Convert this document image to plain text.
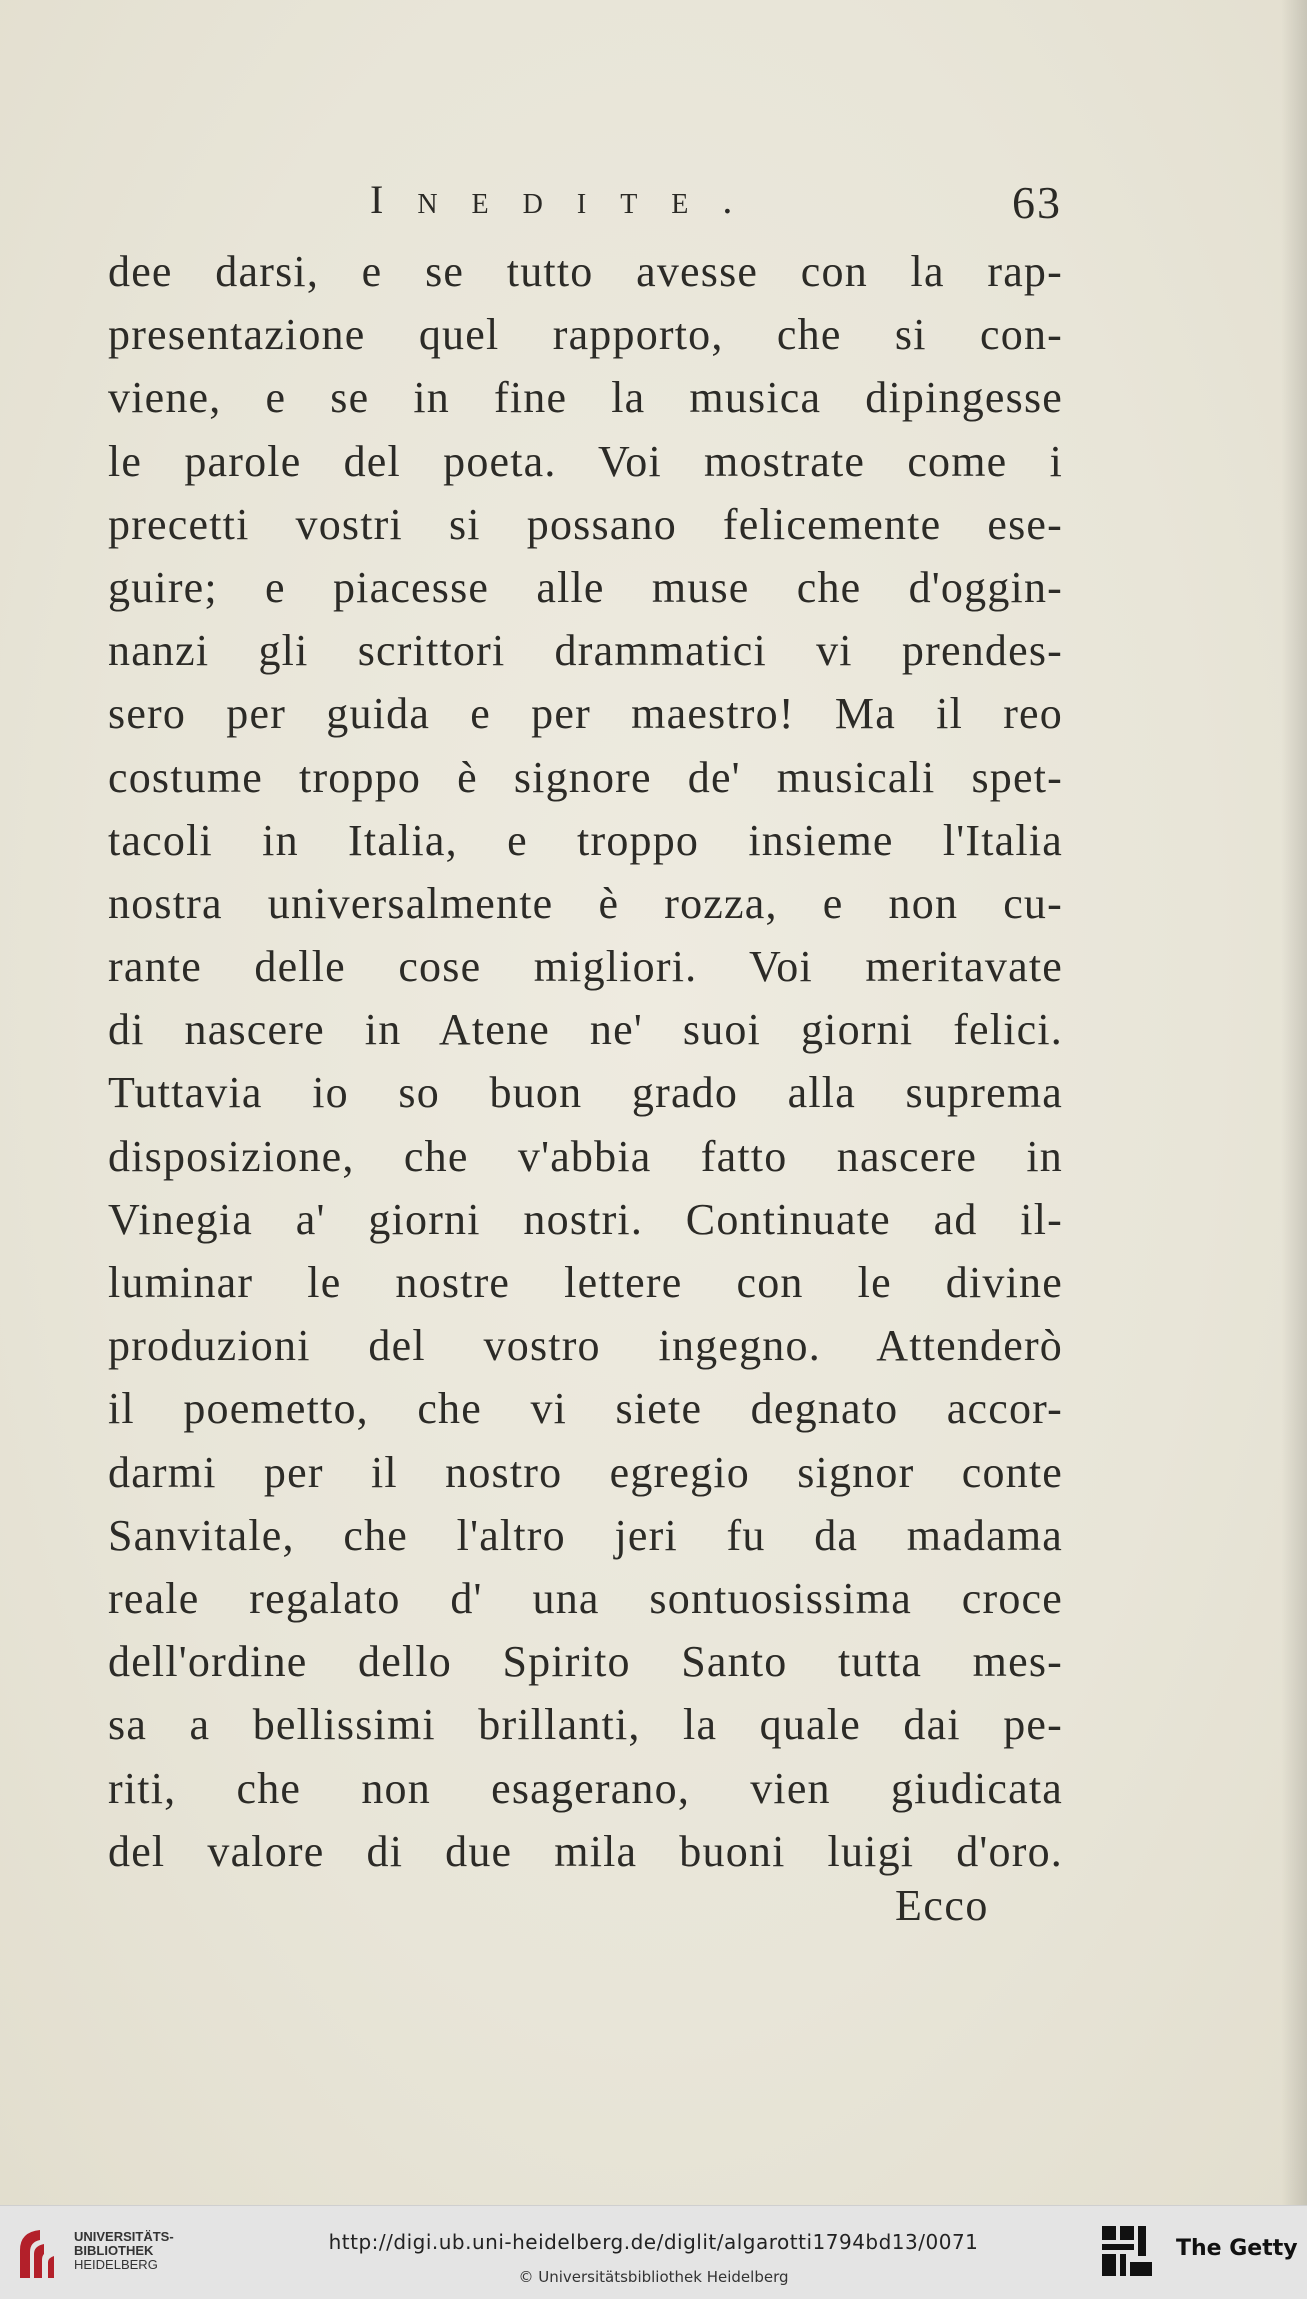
Inedite.	63
dee darsi, e se tutto avesse con la rap-
presentazione quel rapporto, che si con-
viene, e se in fine la musica dipingesse
le parole del poeta. Voi mostrate come i
precetti vostri si possano felicemente ese-
guire; e piacesse alle muse che d'oggin-
nanzi gli scrittori drammatici vi prendes-
sero per guida e per maestro! Ma il reo
costume troppo è signore de' musicali spet-
tacoli in Italia, e troppo insieme l'Italia
nostra universalmente è rozza, e non cu-
rante delle cose migliori. Voi meritavate
di nascere in Atene ne' suoi giorni felici.
Tuttavia io so buon grado alla suprema
disposizione, che v'abbia fatto nascere in
Vinegia a' giorni nostri. Continuate ad il-
luminar le nostre lettere con le divine
produzioni del vostro ingegno. Attenderò
il poemetto, che vi siete degnato accor-
darmi per il nostro egregio signor conte
Sanvitale, che l'altro jeri fu da madama
reale regalato d' una sontuosissima croce
dell'ordine dello Spirito Santo tutta mes-
sa a bellissimi brillanti, la quale dai pe-
riti, che non esagerano, vien giudicata
del valore di due mila buoni luigi d'oro.
Ecco
UNIVERSITÄTS-
BIBLIOTHEK
HEIDELBERG
http://digi.ub.uni-heidelberg.de/diglit/algarotti1794bd13/0071
© Universitätsbibliothek Heidelberg
The Getty
